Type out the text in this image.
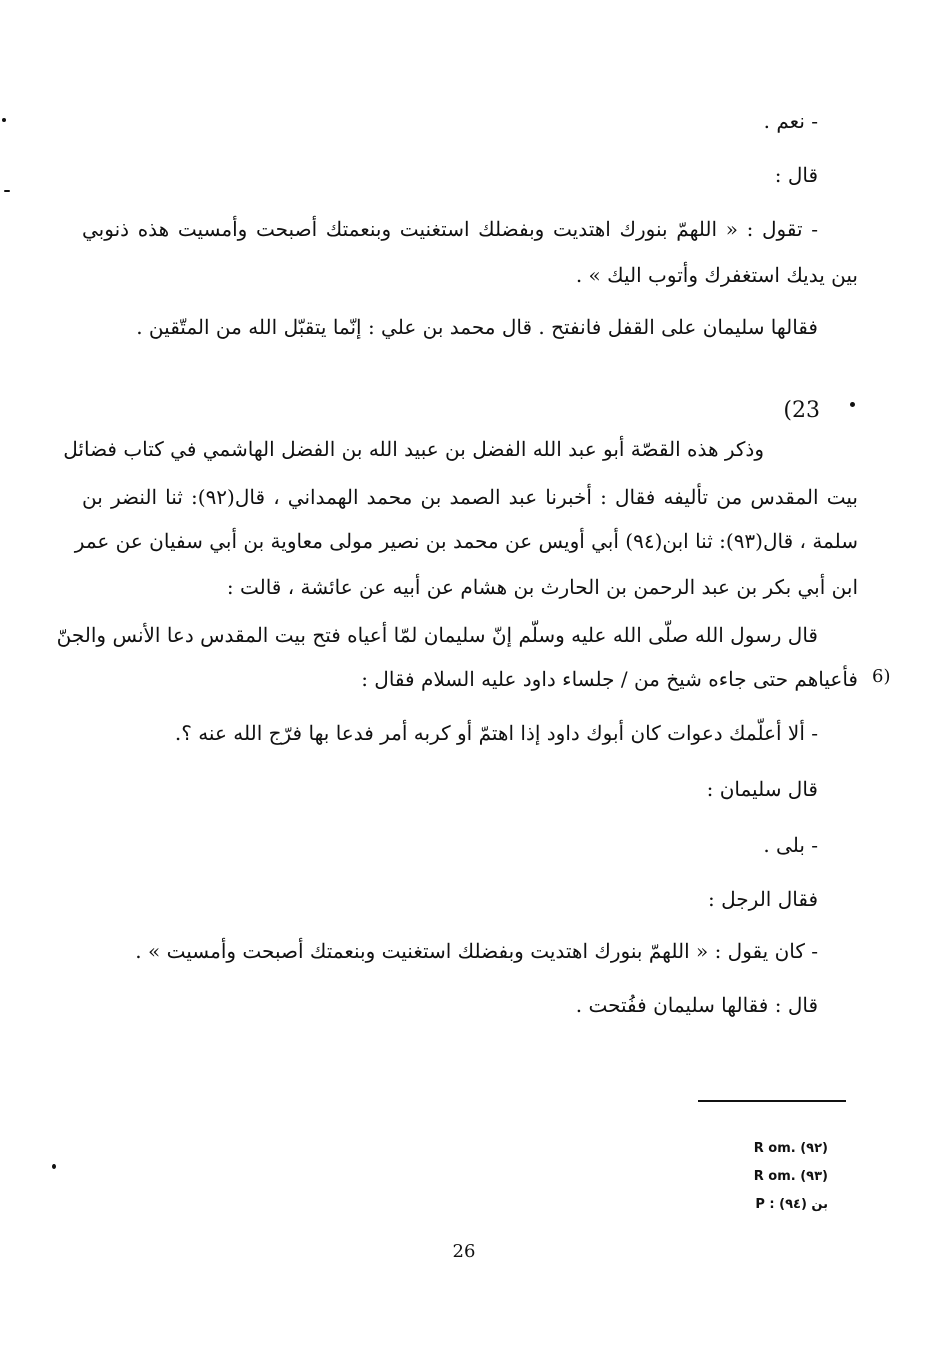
- نعم .
قال :
- تقول : « اللهمّ بنورك اهتديت وبفضلك استغنيت وبنعمتك أصبحت وأمسيت هذه ذنوبي
بين يديك استغفرك وأتوب اليك » .
فقالها سليمان على القفل فانفتح . قال محمد بن علي : إنّما يتقبّل الله من المتّقين .
(23
وذكر هذه القصّة أبو عبد الله الفضل بن عبيد الله بن الفضل الهاشمي في كتاب فضائل
بيت المقدس من تأليفه فقال : أخبرنا عبد الصمد بن محمد الهمداني ، قال(٩٢): ثنا النضر بن
سلمة ، قال(٩٣): ثنا ابن(٩٤) أبي أويس عن محمد بن نصير مولى معاوية بن أبي سفيان عن عمر
ابن أبي بكر بن عبد الرحمن بن الحارث بن هشام عن أبيه عن عائشة ، قالت :
قال رسول الله صلّى الله عليه وسلّم إنّ سليمان لمّا أعياه فتح بيت المقدس دعا الأنس والجنّ
6)
فأعياهم حتى جاءه شيخ من / جلساء داود عليه السلام فقال :
- ألا أعلّمك دعوات كان أبوك داود إذا اهتمّ أو كربه أمر فدعا بها فرّج الله عنه ؟.
قال سليمان :
- بلى .
فقال الرجل :
- كان يقول : « اللهمّ بنورك اهتديت وبفضلك استغنيت وبنعمتك أصبحت وأمسيت » .
قال : فقالها سليمان ففُتحت .
R om. (٩٢)
R om. (٩٣)
P : بن (٩٤)
26
